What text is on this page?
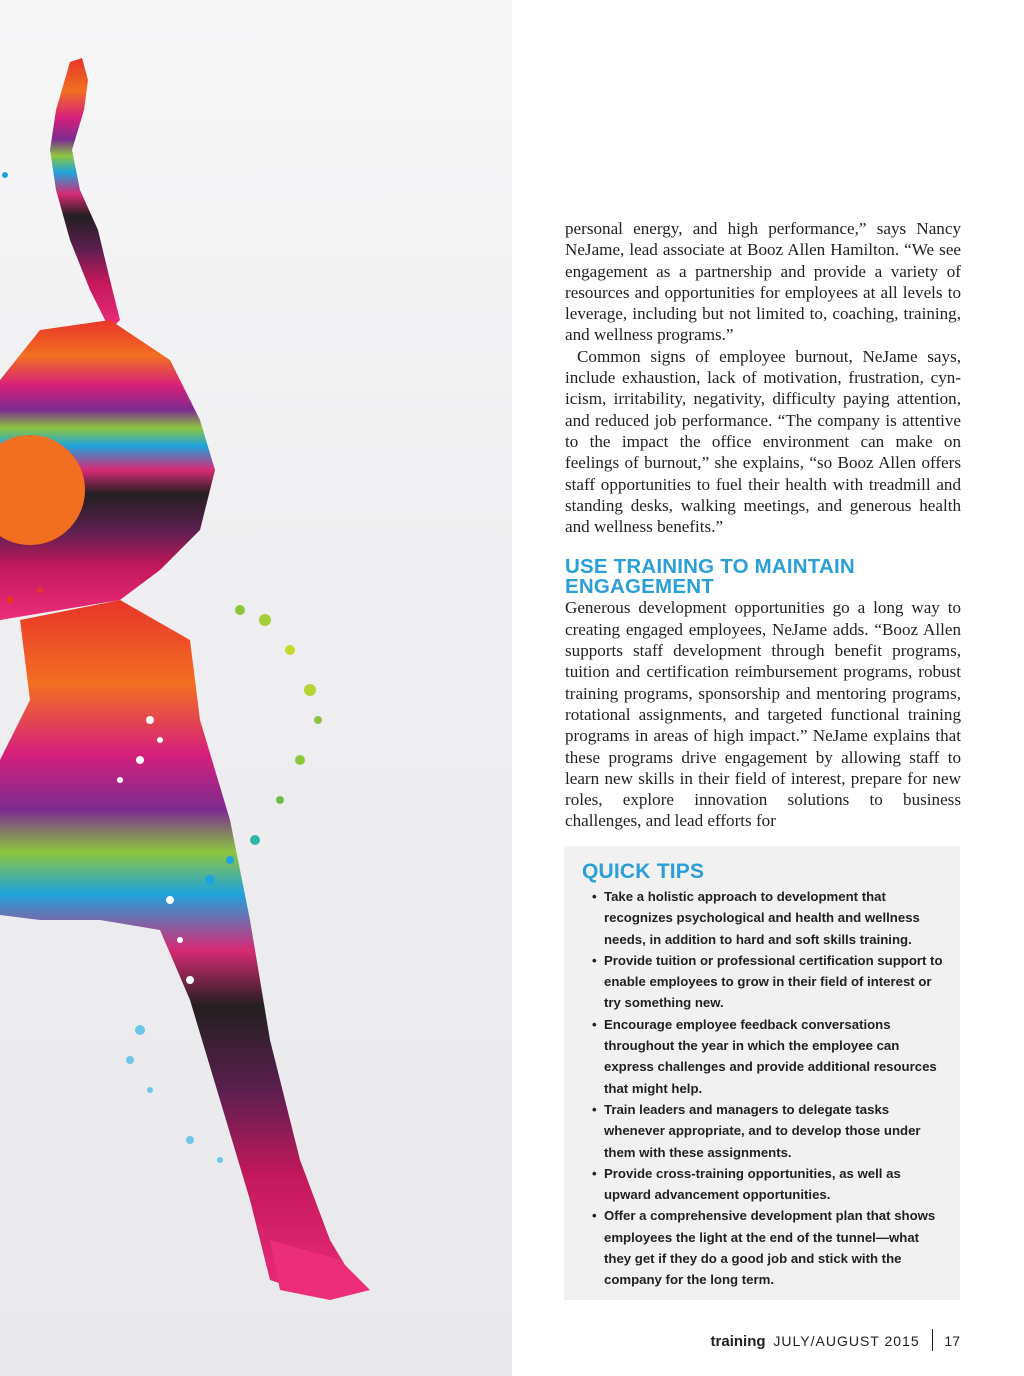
personal energy, and high performance,” says Nancy NeJame, lead associate at Booz Allen Hamilton. “We see engagement as a partnership and provide a variety of resources and opportunities for employees at all levels to leverage, including but not limited to, coaching, training, and wellness programs.”

Common signs of employee burnout, NeJame says, include exhaustion, lack of motivation, frustration, cynicism, irritability, negativity, difficulty paying attention, and reduced job performance. “The company is attentive to the impact the office environment can make on feelings of burnout,” she explains, “so Booz Allen offers staff opportunities to fuel their health with treadmill and standing desks, walking meetings, and generous health and wellness benefits.”

USE TRAINING TO MAINTAIN ENGAGEMENT

Generous development opportunities go a long way to creating engaged employees, NeJame adds. “Booz Allen supports staff development through benefit programs, tuition and certification reimbursement programs, robust training programs, sponsorship and mentoring programs, rotational assignments, and targeted functional training programs in areas of high impact.” NeJame explains that these programs drive engagement by allowing staff to learn new skills in their field of interest, prepare for new roles, explore innovation solutions to business challenges, and lead efforts for

QUICK TIPS
• Take a holistic approach to development that recognizes psychological and health and wellness needs, in addition to hard and soft skills training.
• Provide tuition or professional certification support to enable employees to grow in their field of interest or try something new.
• Encourage employee feedback conversations throughout the year in which the employee can express challenges and provide additional resources that might help.
• Train leaders and managers to delegate tasks whenever appropriate, and to develop those under them with these assignments.
• Provide cross-training opportunities, as well as upward advancement opportunities.
• Offer a comprehensive development plan that shows employees the light at the end of the tunnel—what they get if they do a good job and stick with the company for the long term.
training JULY/AUGUST 2015 17
